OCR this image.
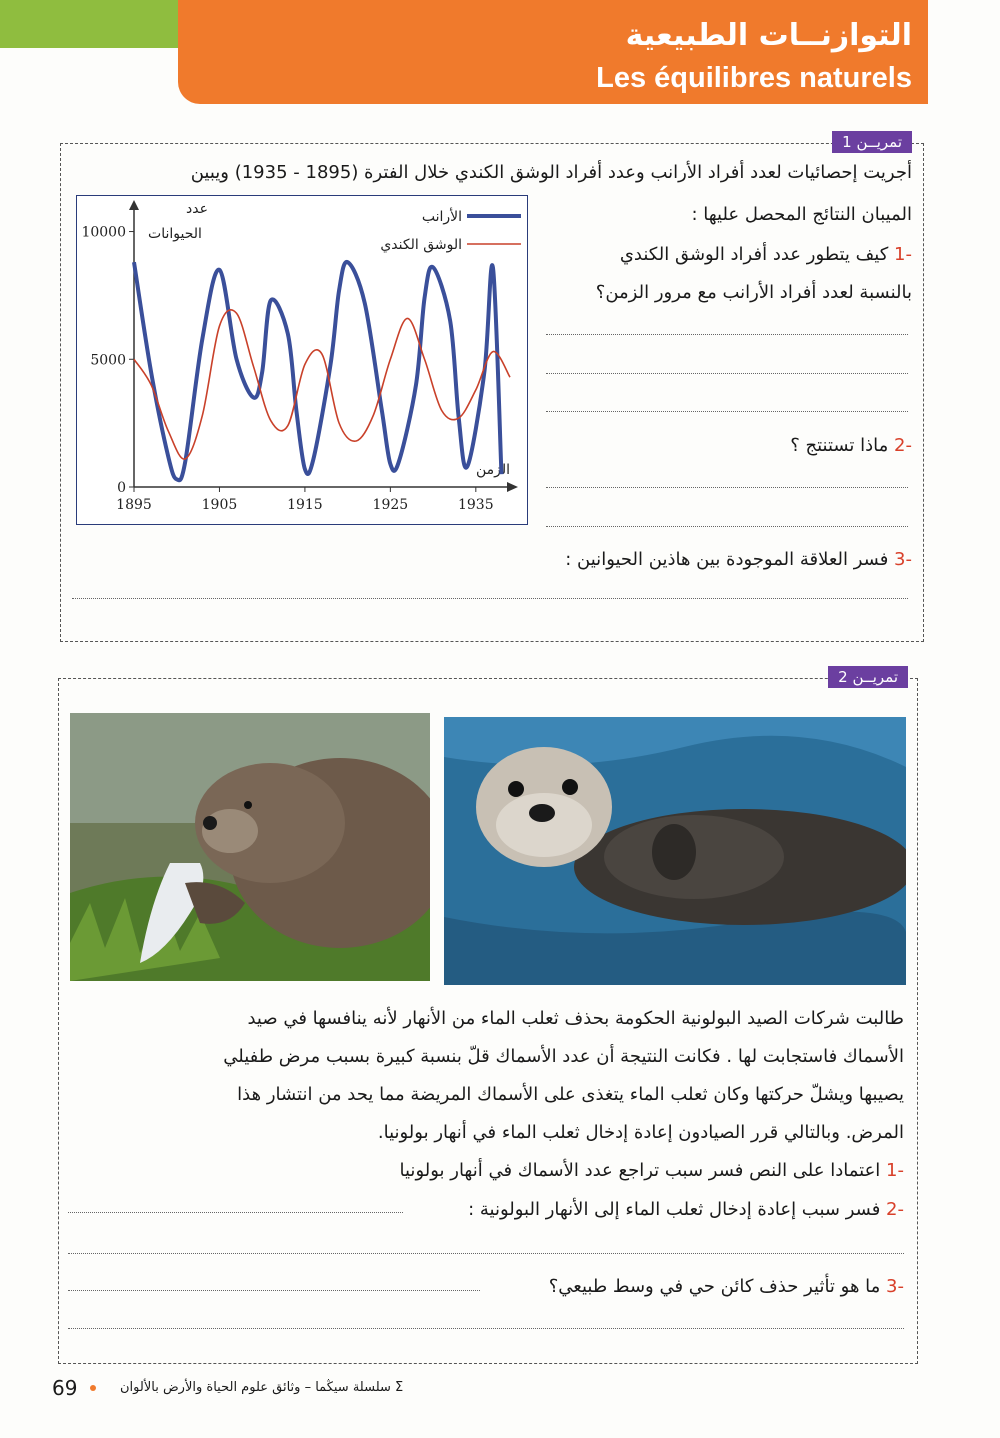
التوازنــات الطبيعية
Les équilibres naturels
تمريــن 1
أجريت إحصائيات لعدد أفراد الأرانب وعدد أفراد الوشق الكندي خلال الفترة (1895 - 1935) ويبين
الميبان النتائج المحصل عليها :
-1 كيف يتطور عدد أفراد الوشق الكندي
بالنسبة لعدد أفراد الأرانب مع مرور الزمن؟
-2 ماذا تستنتج ؟
-3 فسر العلاقة الموجودة بين هاذين الحيوانين :
1895	1905	1915	1925	1935
0
5000
10000
عدد
الحيوانات
الزمن
الأرانب
الوشق الكندي
تمريــن 2
طالبت شركات الصيد البولونية الحكومة بحذف ثعلب الماء من الأنهار لأنه ينافسها في صيد
الأسماك فاستجابت لها . فكانت النتيجة أن عدد الأسماك قلّ بنسبة كبيرة بسبب مرض طفيلي
يصيبها ويشلّ حركتها وكان ثعلب الماء يتغذى على الأسماك المريضة مما يحد من انتشار هذا
المرض. وبالتالي قرر الصيادون إعادة إدخال ثعلب الماء في أنهار بولونيا.
-1 اعتمادا على النص فسر سبب تراجع عدد الأسماك في أنهار بولونيا
-2 فسر سبب إعادة إدخال ثعلب الماء إلى الأنهار البولونية :
-3 ما هو تأثير حذف كائن حي في وسط طبيعي؟
69	Σ سلسلة سيڭما – وثائق علوم الحياة والأرض بالألوان
